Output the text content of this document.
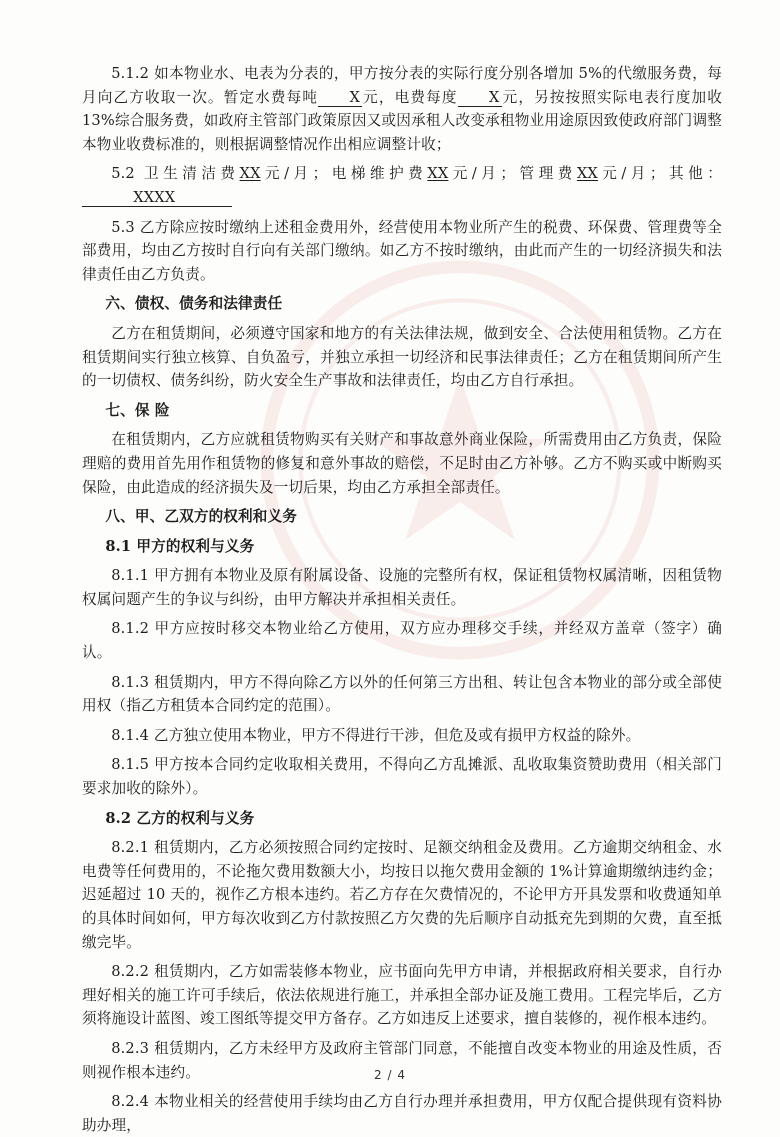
5.1.2 如本物业水、电表为分表的，甲方按分表的实际行度分别各增加 5%的代缴服务费，每月向乙方收取一次。暂定水费每吨 X 元，电费每度 X 元，另按按照实际电表行度加收 13%综合服务费，如政府主管部门政策原因又或因承租人改变承租物业用途原因致使政府部门调整本物业收费标准的，则根据调整情况作出相应调整计收；

5.2 卫生清洁费XX元/月；电梯维护费XX元/月；管理费XX元/月；其他：XXXX

5.3 乙方除应按时缴纳上述租金费用外，经营使用本物业所产生的税费、环保费、管理费等全部费用，均由乙方按时自行向有关部门缴纳。如乙方不按时缴纳，由此而产生的一切经济损失和法律责任由乙方负责。

六、债权、债务和法律责任

乙方在租赁期间，必须遵守国家和地方的有关法律法规，做到安全、合法使用租赁物。乙方在租赁期间实行独立核算、自负盈亏，并独立承担一切经济和民事法律责任；乙方在租赁期间所产生的一切债权、债务纠纷，防火安全生产事故和法律责任，均由乙方自行承担。

七、保 险

在租赁期内，乙方应就租赁物购买有关财产和事故意外商业保险，所需费用由乙方负责，保险理赔的费用首先用作租赁物的修复和意外事故的赔偿，不足时由乙方补够。乙方不购买或中断购买保险，由此造成的经济损失及一切后果，均由乙方承担全部责任。

八、甲、乙双方的权利和义务

8.1 甲方的权利与义务

8.1.1 甲方拥有本物业及原有附属设备、设施的完整所有权，保证租赁物权属清晰，因租赁物权属问题产生的争议与纠纷，由甲方解决并承担相关责任。

8.1.2 甲方应按时移交本物业给乙方使用，双方应办理移交手续，并经双方盖章（签字）确认。

8.1.3 租赁期内，甲方不得向除乙方以外的任何第三方出租、转让包含本物业的部分或全部使用权（指乙方租赁本合同约定的范围）。

8.1.4 乙方独立使用本物业，甲方不得进行干涉，但危及或有损甲方权益的除外。

8.1.5 甲方按本合同约定收取相关费用，不得向乙方乱摊派、乱收取集资赞助费用（相关部门要求加收的除外）。

8.2 乙方的权利与义务

8.2.1 租赁期内，乙方必须按照合同约定按时、足额交纳租金及费用。乙方逾期交纳租金、水电费等任何费用的，不论拖欠费用数额大小，均按日以拖欠费用金额的 1%计算逾期缴纳违约金；迟延超过 10 天的，视作乙方根本违约。若乙方存在欠费情况的，不论甲方开具发票和收费通知单的具体时间如何，甲方每次收到乙方付款按照乙方欠费的先后顺序自动抵充先到期的欠费，直至抵缴完毕。

8.2.2 租赁期内，乙方如需装修本物业，应书面向先甲方申请，并根据政府相关要求，自行办理好相关的施工许可手续后，依法依规进行施工，并承担全部办证及施工费用。工程完毕后，乙方须将施设计蓝图、竣工图纸等提交甲方备存。乙方如违反上述要求，擅自装修的，视作根本违约。

8.2.3 租赁期内，乙方未经甲方及政府主管部门同意，不能擅自改变本物业的用途及性质，否则视作根本违约。

8.2.4 本物业相关的经营使用手续均由乙方自行办理并承担费用，甲方仅配合提供现有资料协助办理，

2 / 4
